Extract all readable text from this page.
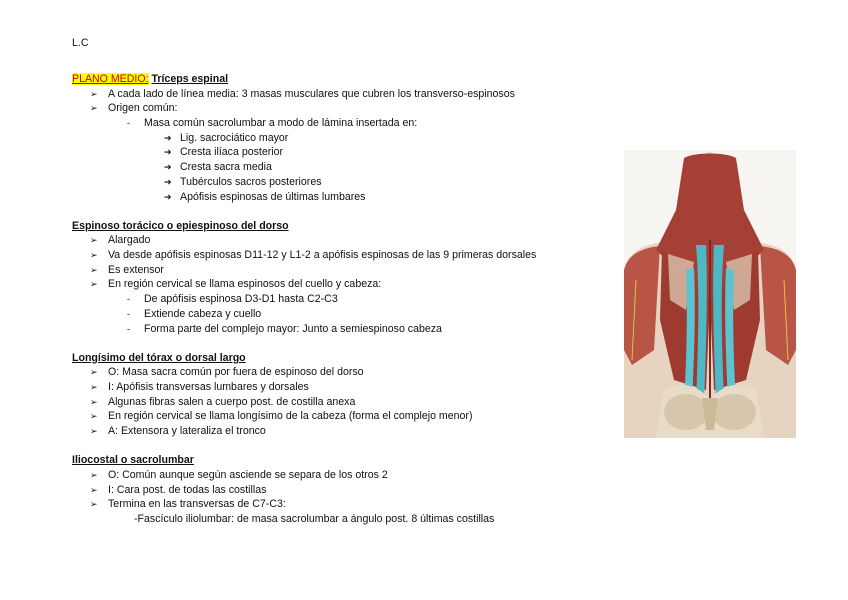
L.C
PLANO MEDIO: Tríceps espinal
➢ A cada lado de línea media: 3 masas musculares que cubren los transverso-espinosos
➢ Origen común:
- Masa común sacrolumbar a modo de lámina insertada en:
➔ Lig. sacrociático mayor
➔ Cresta ilíaca posterior
➔ Cresta sacra media
➔ Tubérculos sacros posteriores
➔ Apófisis espinosas de últimas lumbares
Espinoso torácico o epiespinoso del dorso
➢ Alargado
➢ Va desde apófisis espinosas D11-12 y L1-2 a apófisis espinosas de las 9 primeras dorsales
➢ Es extensor
➢ En región cervical se llama espinosos del cuello y cabeza:
- De apófisis espinosa D3-D1 hasta C2-C3
- Extiende cabeza y cuello
- Forma parte del complejo mayor: Junto a semiespinoso cabeza
Longísimo del tórax o dorsal largo
➢ O: Masa sacra común por fuera de espinoso del dorso
➢ I: Apófisis transversas lumbares y dorsales
➢ Algunas fibras salen a cuerpo post. de costilla anexa
➢ En región cervical se llama longísimo de la cabeza (forma el complejo menor)
➢ A: Extensora y lateraliza el tronco
Iliocostal o sacrolumbar
➢ O: Común aunque según asciende se separa de los otros 2
➢ I: Cara post. de todas las costillas
➢ Termina en las transversas de C7-C3:
-Fascículo iliolumbar: de masa sacrolumbar a ángulo post. 8 últimas costillas
